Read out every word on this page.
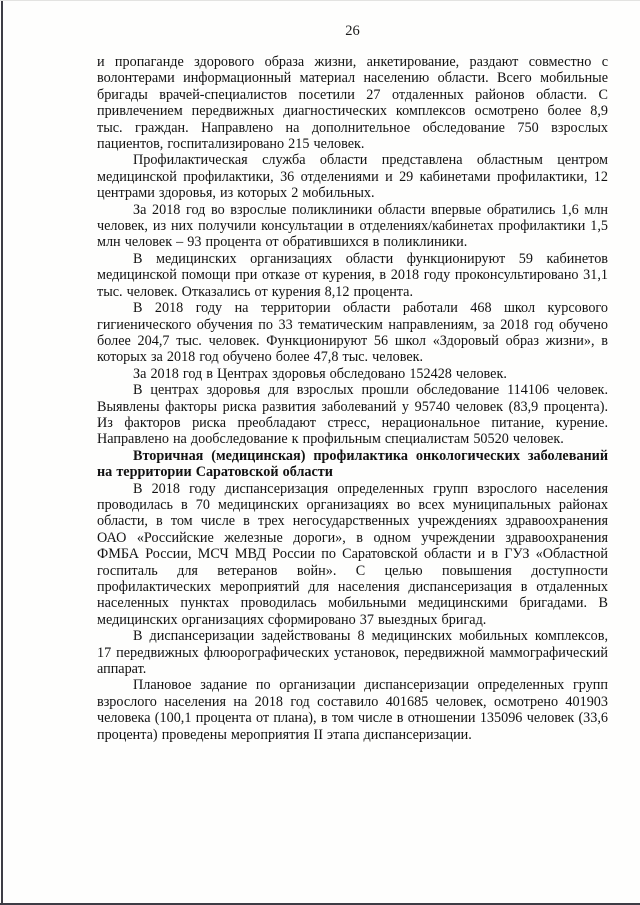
26

и пропаганде здорового образа жизни, анкетирование, раздают совместно с волонтерами информационный материал населению области. Всего мобильные бригады врачей-специалистов посетили 27 отдаленных районов области. С привлечением передвижных диагностических комплексов осмотрено более 8,9 тыс. граждан. Направлено на дополнительное обследование 750 взрослых пациентов, госпитализировано 215 человек.

Профилактическая служба области представлена областным центром медицинской профилактики, 36 отделениями и 29 кабинетами профилактики, 12 центрами здоровья, из которых 2 мобильных.

За 2018 год во взрослые поликлиники области впервые обратились 1,6 млн человек, из них получили консультации в отделениях/кабинетах профилактики 1,5 млн человек – 93 процента от обратившихся в поликлиники.

В медицинских организациях области функционируют 59 кабинетов медицинской помощи при отказе от курения, в 2018 году проконсультировано 31,1 тыс. человек. Отказались от курения 8,12 процента.

В 2018 году на территории области работали 468 школ курсового гигиенического обучения по 33 тематическим направлениям, за 2018 год обучено более 204,7 тыс. человек. Функционируют 56 школ «Здоровый образ жизни», в которых за 2018 год обучено более 47,8 тыс. человек.

За 2018 год в Центрах здоровья обследовано 152428 человек.

В центрах здоровья для взрослых прошли обследование 114106 человек. Выявлены факторы риска развития заболеваний у 95740 человек (83,9 процента). Из факторов риска преобладают стресс, нерациональное питание, курение. Направлено на дообследование к профильным специалистам 50520 человек.

Вторичная (медицинская) профилактика онкологических заболеваний на территории Саратовской области

В 2018 году диспансеризация определенных групп взрослого населения проводилась в 70 медицинских организациях во всех муниципальных районах области, в том числе в трех негосударственных учреждениях здравоохранения ОАО «Российские железные дороги», в одном учреждении здравоохранения ФМБА России, МСЧ МВД России по Саратовской области и в ГУЗ «Областной госпиталь для ветеранов войн». С целью повышения доступности профилактических мероприятий для населения диспансеризация в отдаленных населенных пунктах проводилась мобильными медицинскими бригадами. В медицинских организациях сформировано 37 выездных бригад.

В диспансеризации задействованы 8 медицинских мобильных комплексов, 17 передвижных флюорографических установок, передвижной маммографический аппарат.

Плановое задание по организации диспансеризации определенных групп взрослого населения на 2018 год составило 401685 человек, осмотрено 401903 человека (100,1 процента от плана), в том числе в отношении 135096 человек (33,6 процента) проведены мероприятия II этапа диспансеризации.
